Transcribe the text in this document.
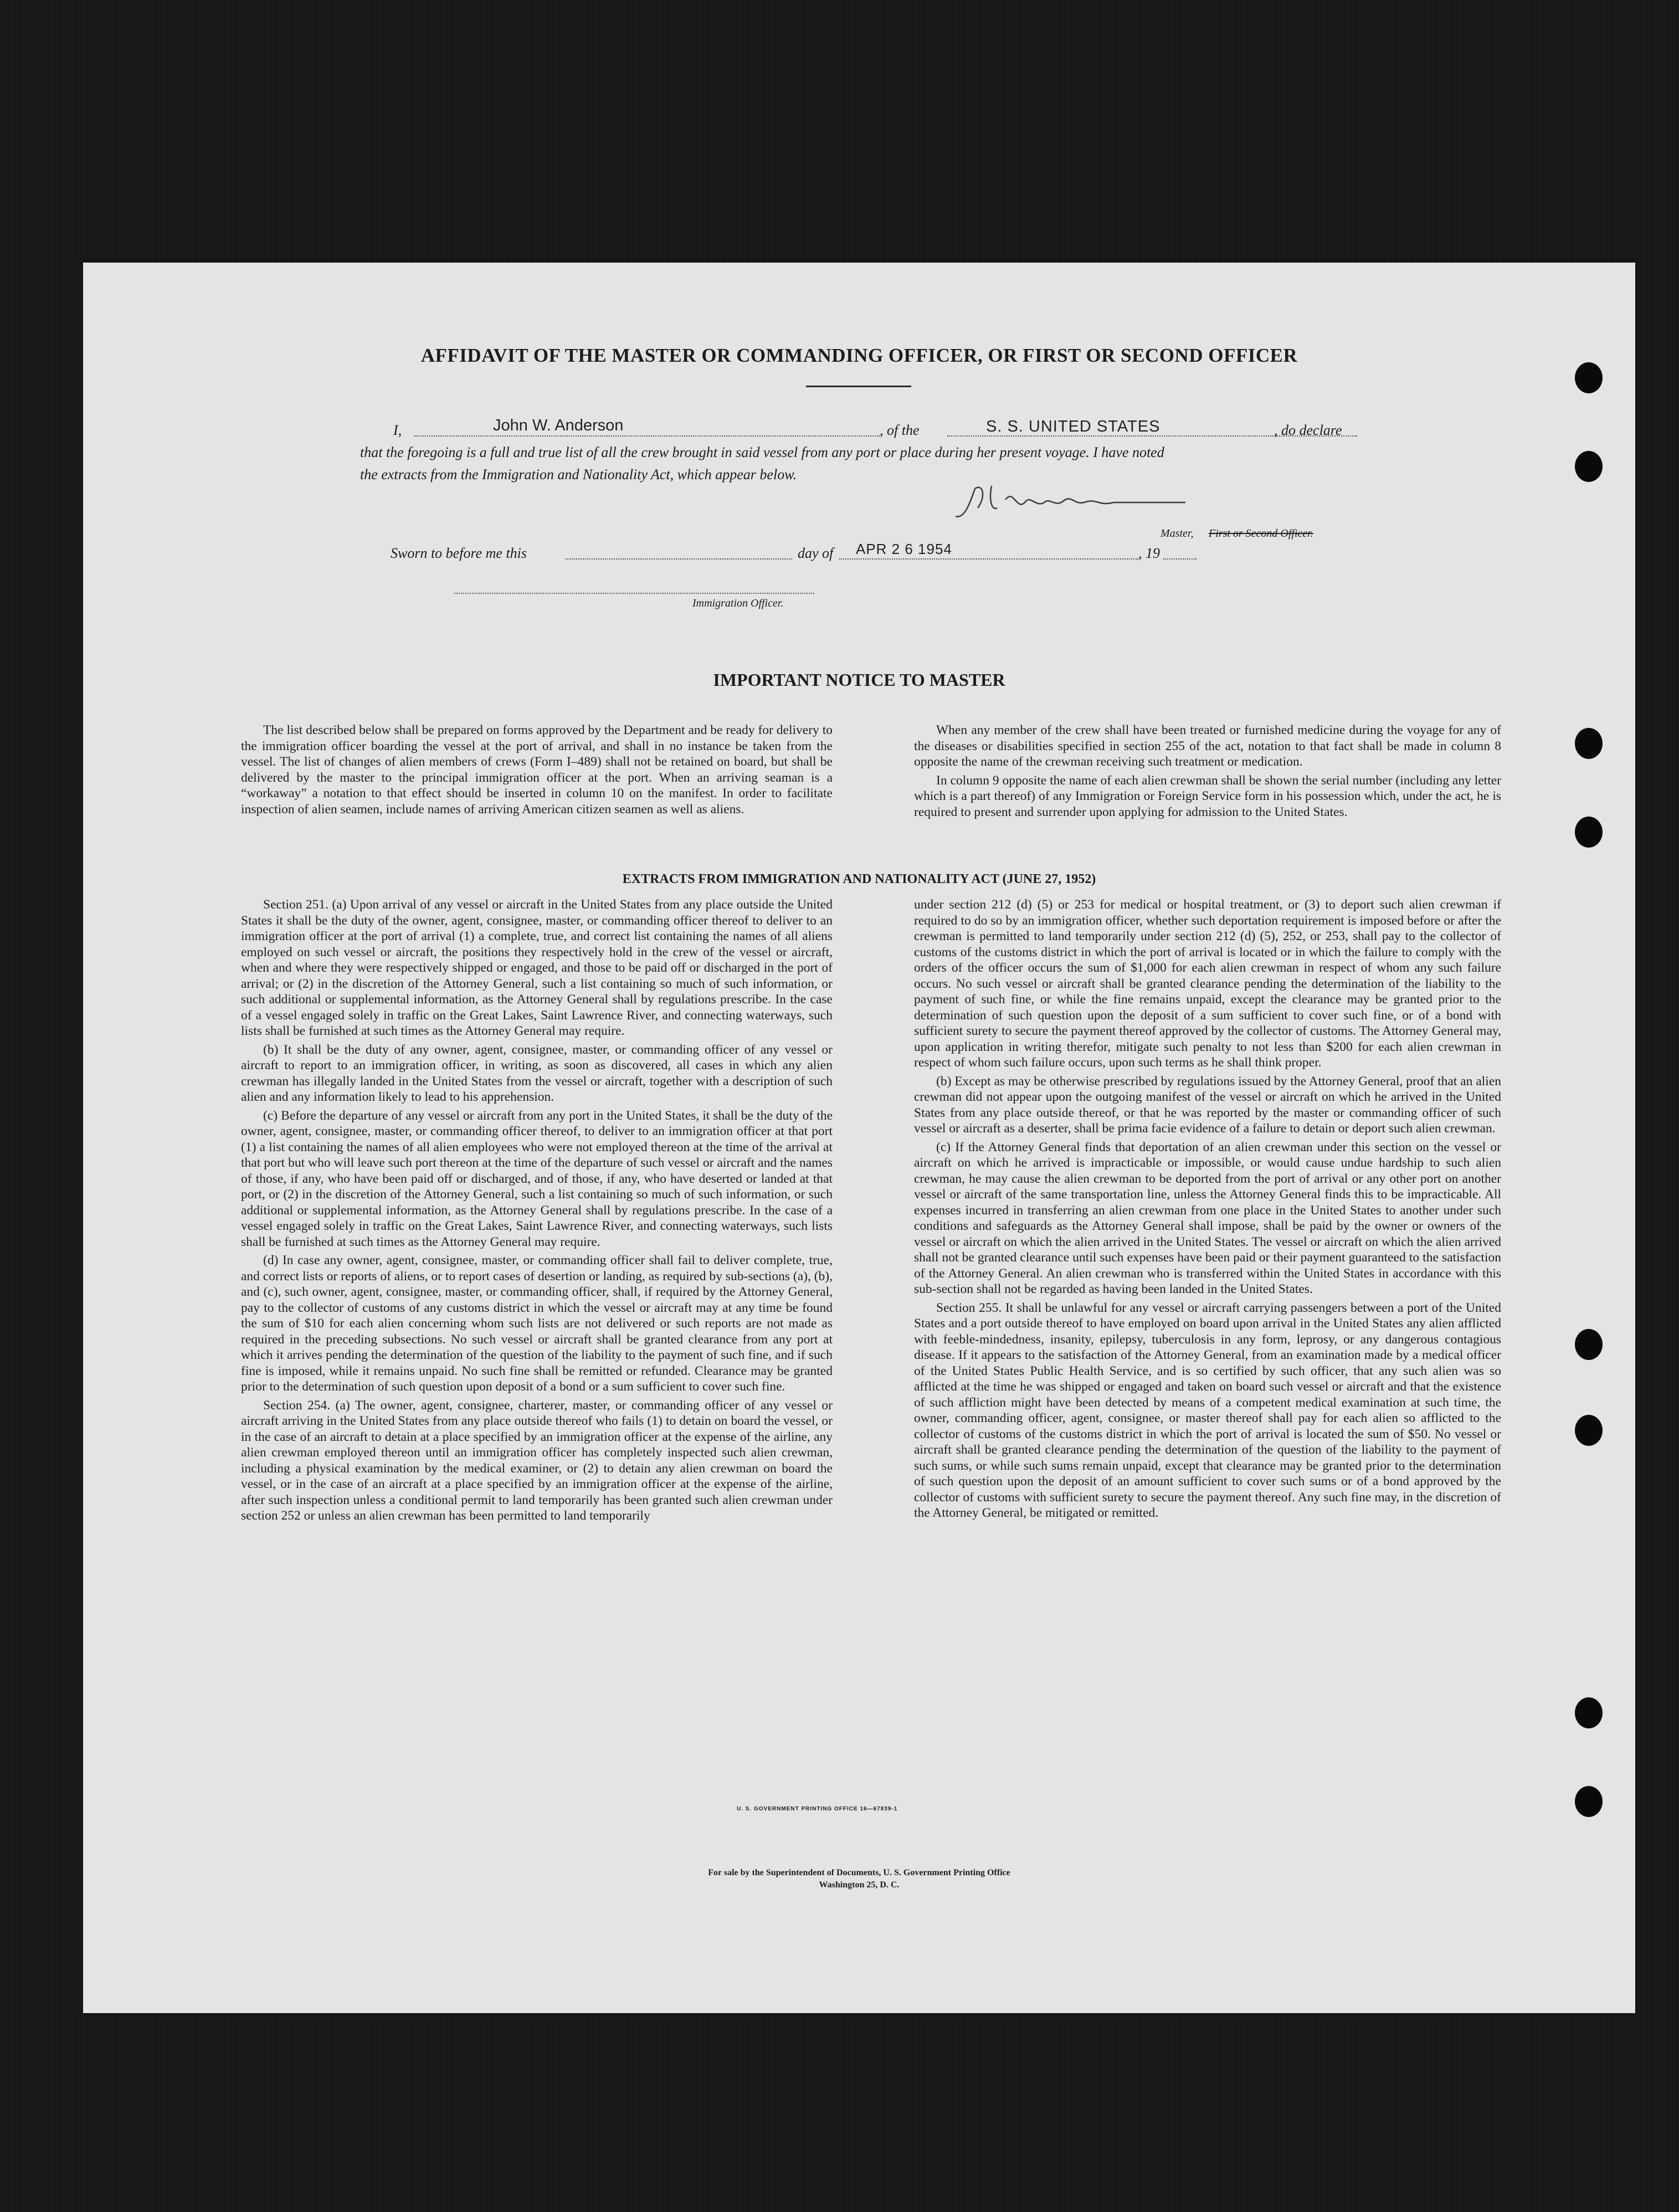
AFFIDAVIT OF THE MASTER OR COMMANDING OFFICER, OR FIRST OR SECOND OFFICER
I,	John W. Anderson	, of the	S. S. UNITED STATES	, do declare
that the foregoing is a full and true list of all the crew brought in said vessel from any port or place during her present voyage. I have noted
the extracts from the Immigration and Nationality Act, which appear below.
Master, First or Second Officer.
Sworn to before me this	day of APR 2 6 1954	, 19
Immigration Officer.
IMPORTANT NOTICE TO MASTER

The list described below shall be prepared on forms approved by the Department and be ready for delivery to the immigration officer boarding the vessel at the port of arrival, and shall in no instance be taken from the vessel. The list of changes of alien members of crews (Form I–489) shall not be retained on board, but shall be delivered by the master to the principal immigration officer at the port. When an arriving seaman is a “workaway” a notation to that effect should be inserted in column 10 on the manifest. In order to facilitate inspection of alien seamen, include names of arriving American citizen seamen as well as aliens.

When any member of the crew shall have been treated or furnished medicine during the voyage for any of the diseases or disabilities specified in section 255 of the act, notation to that fact shall be made in column 8 opposite the name of the crewman receiving such treatment or medication.

In column 9 opposite the name of each alien crewman shall be shown the serial number (including any letter which is a part thereof) of any Immigration or Foreign Service form in his possession which, under the act, he is required to present and surrender upon applying for admission to the United States.

EXTRACTS FROM IMMIGRATION AND NATIONALITY ACT (JUNE 27, 1952)

Section 251. (a) Upon arrival of any vessel or aircraft in the United States from any place outside the United States it shall be the duty of the owner, agent, consignee, master, or commanding officer thereof to deliver to an immigration officer at the port of arrival (1) a complete, true, and correct list containing the names of all aliens employed on such vessel or aircraft, the positions they respectively hold in the crew of the vessel or aircraft, when and where they were respectively shipped or engaged, and those to be paid off or discharged in the port of arrival; or (2) in the discretion of the Attorney General, such a list containing so much of such information, or such additional or supplemental information, as the Attorney General shall by regulations prescribe. In the case of a vessel engaged solely in traffic on the Great Lakes, Saint Lawrence River, and connecting waterways, such lists shall be furnished at such times as the Attorney General may require.

(b) It shall be the duty of any owner, agent, consignee, master, or commanding officer of any vessel or aircraft to report to an immigration officer, in writing, as soon as discovered, all cases in which any alien crewman has illegally landed in the United States from the vessel or aircraft, together with a description of such alien and any information likely to lead to his apprehension.

(c) Before the departure of any vessel or aircraft from any port in the United States, it shall be the duty of the owner, agent, consignee, master, or commanding officer thereof, to deliver to an immigration officer at that port (1) a list containing the names of all alien employees who were not employed thereon at the time of the arrival at that port but who will leave such port thereon at the time of the departure of such vessel or aircraft and the names of those, if any, who have been paid off or discharged, and of those, if any, who have deserted or landed at that port, or (2) in the discretion of the Attorney General, such a list containing so much of such information, or such additional or supplemental information, as the Attorney General shall by regulations prescribe. In the case of a vessel engaged solely in traffic on the Great Lakes, Saint Lawrence River, and connecting waterways, such lists shall be furnished at such times as the Attorney General may require.

(d) In case any owner, agent, consignee, master, or commanding officer shall fail to deliver complete, true, and correct lists or reports of aliens, or to report cases of desertion or landing, as required by sub-sections (a), (b), and (c), such owner, agent, consignee, master, or commanding officer, shall, if required by the Attorney General, pay to the collector of customs of any customs district in which the vessel or aircraft may at any time be found the sum of $10 for each alien concerning whom such lists are not delivered or such reports are not made as required in the preceding subsections. No such vessel or aircraft shall be granted clearance from any port at which it arrives pending the determination of the question of the liability to the payment of such fine, and if such fine is imposed, while it remains unpaid. No such fine shall be remitted or refunded. Clearance may be granted prior to the determination of such question upon deposit of a bond or a sum sufficient to cover such fine.

Section 254. (a) The owner, agent, consignee, charterer, master, or commanding officer of any vessel or aircraft arriving in the United States from any place outside thereof who fails (1) to detain on board the vessel, or in the case of an aircraft to detain at a place specified by an immigration officer at the expense of the airline, any alien crewman employed thereon until an immigration officer has completely inspected such alien crewman, including a physical examination by the medical examiner, or (2) to detain any alien crewman on board the vessel, or in the case of an aircraft at a place specified by an immigration officer at the expense of the airline, after such inspection unless a conditional permit to land temporarily has been granted such alien crewman under section 252 or unless an alien crewman has been permitted to land temporarily

under section 212 (d) (5) or 253 for medical or hospital treatment, or (3) to deport such alien crewman if required to do so by an immigration officer, whether such deportation requirement is imposed before or after the crewman is permitted to land temporarily under section 212 (d) (5), 252, or 253, shall pay to the collector of customs of the customs district in which the port of arrival is located or in which the failure to comply with the orders of the officer occurs the sum of $1,000 for each alien crewman in respect of whom any such failure occurs. No such vessel or aircraft shall be granted clearance pending the determination of the liability to the payment of such fine, or while the fine remains unpaid, except the clearance may be granted prior to the determination of such question upon the deposit of a sum sufficient to cover such fine, or of a bond with sufficient surety to secure the payment thereof approved by the collector of customs. The Attorney General may, upon application in writing therefor, mitigate such penalty to not less than $200 for each alien crewman in respect of whom such failure occurs, upon such terms as he shall think proper.

(b) Except as may be otherwise prescribed by regulations issued by the Attorney General, proof that an alien crewman did not appear upon the outgoing manifest of the vessel or aircraft on which he arrived in the United States from any place outside thereof, or that he was reported by the master or commanding officer of such vessel or aircraft as a deserter, shall be prima facie evidence of a failure to detain or deport such alien crewman.

(c) If the Attorney General finds that deportation of an alien crewman under this section on the vessel or aircraft on which he arrived is impracticable or impossible, or would cause undue hardship to such alien crewman, he may cause the alien crewman to be deported from the port of arrival or any other port on another vessel or aircraft of the same transportation line, unless the Attorney General finds this to be impracticable. All expenses incurred in transferring an alien crewman from one place in the United States to another under such conditions and safeguards as the Attorney General shall impose, shall be paid by the owner or owners of the vessel or aircraft on which the alien arrived in the United States. The vessel or aircraft on which the alien arrived shall not be granted clearance until such expenses have been paid or their payment guaranteed to the satisfaction of the Attorney General. An alien crewman who is transferred within the United States in accordance with this sub-section shall not be regarded as having been landed in the United States.

Section 255. It shall be unlawful for any vessel or aircraft carrying passengers between a port of the United States and a port outside thereof to have employed on board upon arrival in the United States any alien afflicted with feeble-mindedness, insanity, epilepsy, tuberculosis in any form, leprosy, or any dangerous contagious disease. If it appears to the satisfaction of the Attorney General, from an examination made by a medical officer of the United States Public Health Service, and is so certified by such officer, that any such alien was so afflicted at the time he was shipped or engaged and taken on board such vessel or aircraft and that the existence of such affliction might have been detected by means of a competent medical examination at such time, the owner, commanding officer, agent, consignee, or master thereof shall pay for each alien so afflicted to the collector of customs of the customs district in which the port of arrival is located the sum of $50. No vessel or aircraft shall be granted clearance pending the determination of the question of the liability to the payment of such sums, or while such sums remain unpaid, except that clearance may be granted prior to the determination of such question upon the deposit of an amount sufficient to cover such sums or of a bond approved by the collector of customs with sufficient surety to secure the payment thereof. Any such fine may, in the discretion of the Attorney General, be mitigated or remitted.

U. S. GOVERNMENT PRINTING OFFICE 16—67839-1
For sale by the Superintendent of Documents, U. S. Government Printing Office
Washington 25, D. C.
